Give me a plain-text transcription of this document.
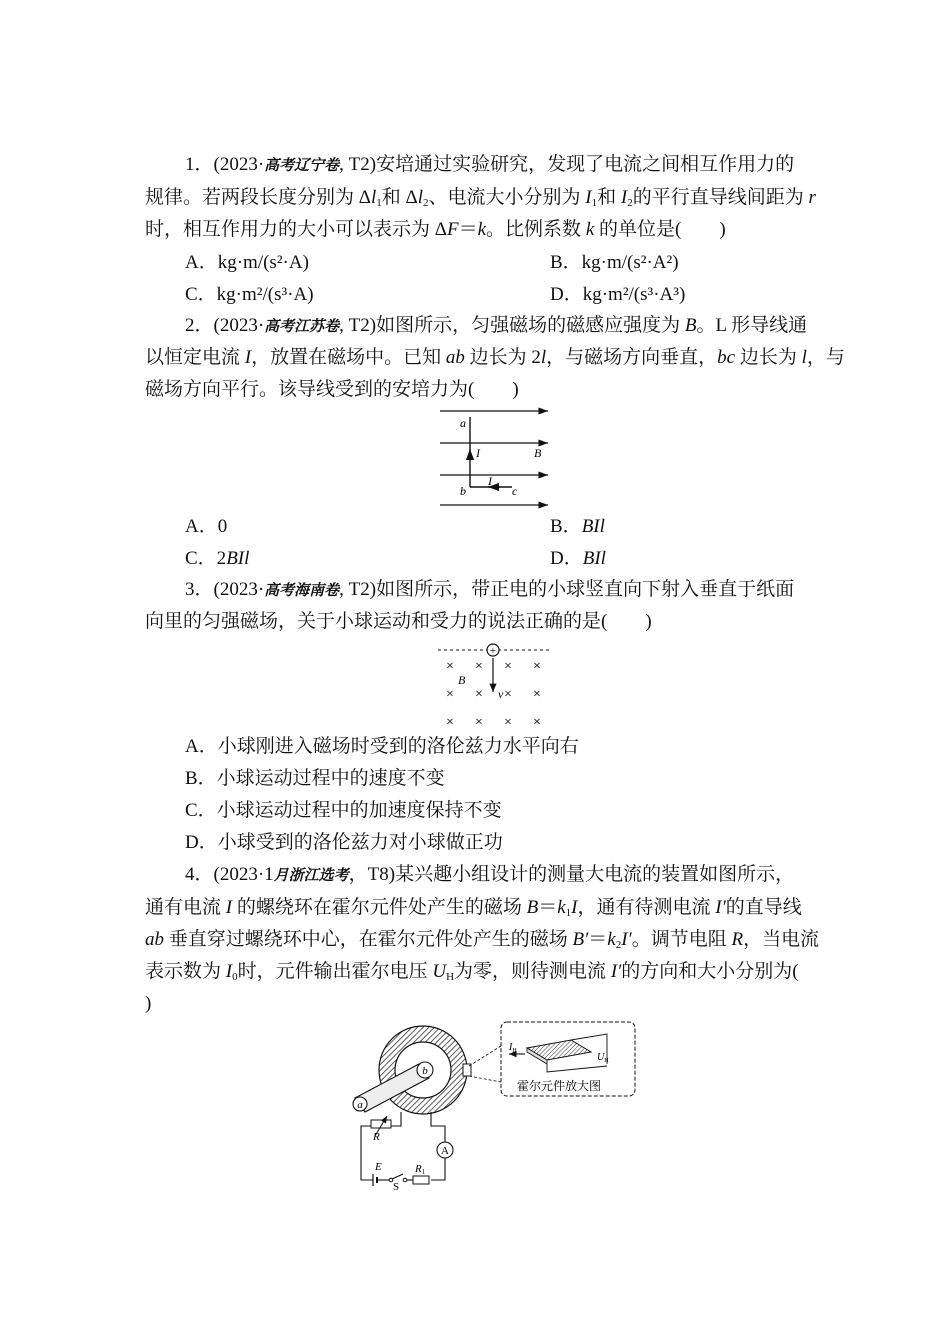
1．(2023·高考辽宁卷, T2)安培通过实验研究，发现了电流之间相互作用力的
规律。若两段长度分别为 $\Delta l_1$和 $\Delta l_2$、电流大小分别为 $I_1$和 $I_2$的平行直导线间距为 r
时，相互作用力的大小可以表示为 ΔF＝k。比例系数 k 的单位是(　　)
A．kg·m/(s²·A)	B．kg·m/(s²·A²)
C．kg·m²/(s³·A)	D．kg·m²/(s³·A³)
2．(2023·高考江苏卷, T2)如图所示，匀强磁场的磁感应强度为 B。L 形导线通
以恒定电流 I，放置在磁场中。已知 ab 边长为 2l，与磁场方向垂直，bc 边长为 l，与
磁场方向平行。该导线受到的安培力为(　　)
a
b	c
I
I
B
A．0	B．BIl
C．2BIl	D．BIl
3．(2023·高考海南卷, T2)如图所示，带正电的小球竖直向下射入垂直于纸面
向里的匀强磁场，关于小球运动和受力的说法正确的是(　　)
+
× × × ×
× × × ×
× × × ×
B
v
A．小球刚进入磁场时受到的洛伦兹力水平向右
B．小球运动过程中的速度不变
C．小球运动过程中的加速度保持不变
D．小球受到的洛伦兹力对小球做正功
4．(2023·1月浙江选考，T8)某兴趣小组设计的测量大电流的装置如图所示，
通有电流 I 的螺绕环在霍尔元件处产生的磁场 $B=k_1I$，通有待测电流 I′的直导线
ab 垂直穿过螺绕环中心，在霍尔元件处产生的磁场 $B'=k_2I'$。调节电阻 R，当电流
表示数为 $I_0$时，元件输出霍尔电压 $U_H$为零，则待测电流 I′的方向和大小分别为(
)
a
b
R
A
E
S
R1
$I_H$
$U_H$
霍尔元件放大图
